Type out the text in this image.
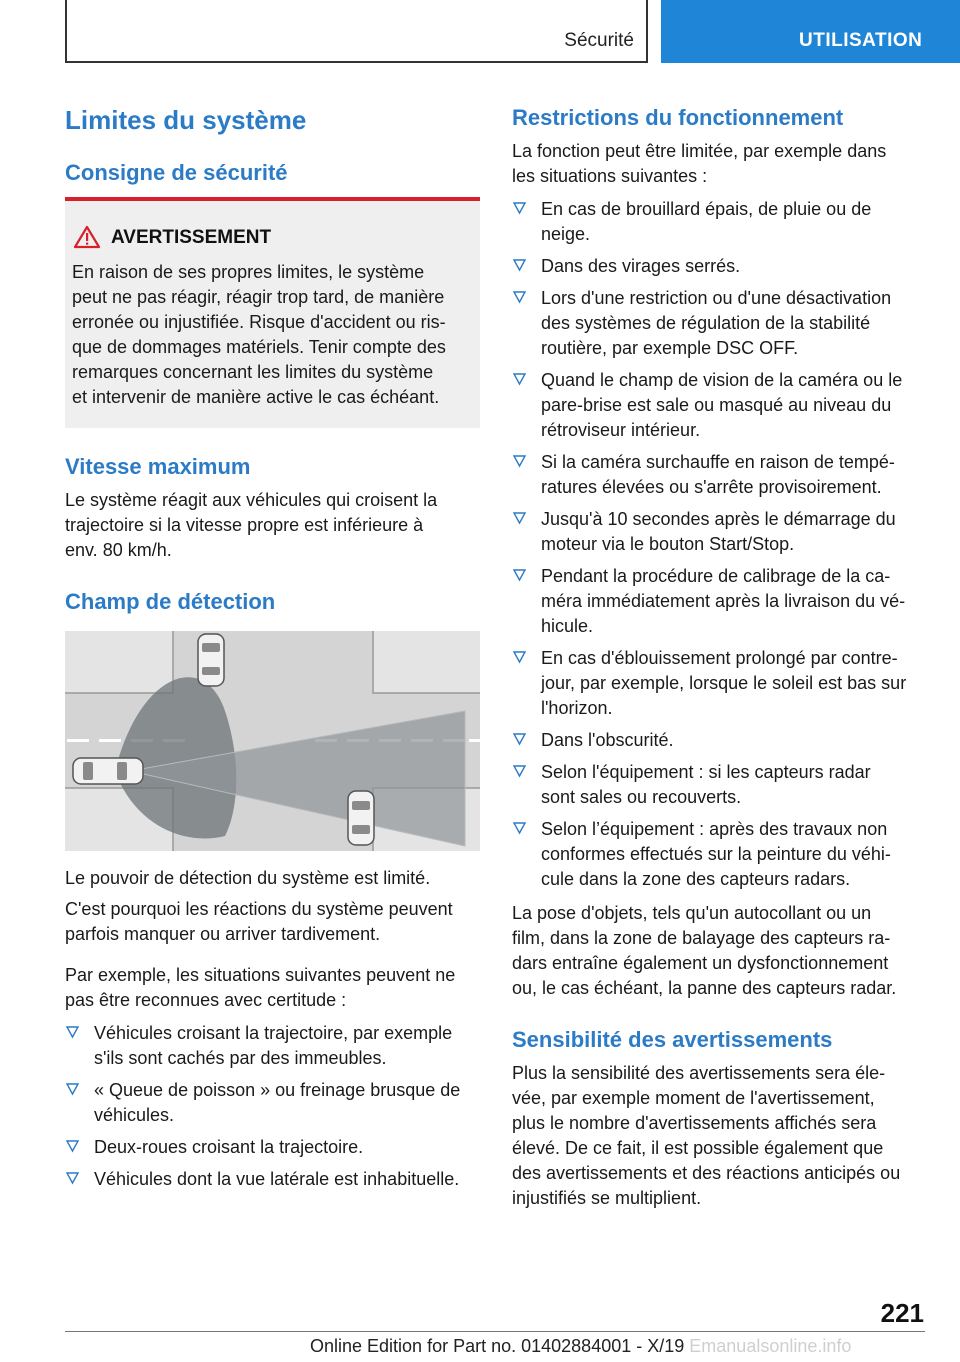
Sécurité	UTILISATION
Limites du système
Consigne de sécurité
AVERTISSEMENT
En raison de ses propres limites, le système
peut ne pas réagir, réagir trop tard, de manière
erronée ou injustifiée. Risque d'accident ou ris-
que de dommages matériels. Tenir compte des
remarques concernant les limites du système
et intervenir de manière active le cas échéant.
Vitesse maximum
Le système réagit aux véhicules qui croisent la
trajectoire si la vitesse propre est inférieure à
env. 80 km/h.
Champ de détection
Le pouvoir de détection du système est limité.
C'est pourquoi les réactions du système peuvent
parfois manquer ou arriver tardivement.
Par exemple, les situations suivantes peuvent ne
pas être reconnues avec certitude :
Véhicules croisant la trajectoire, par exemple
s'ils sont cachés par des immeubles.
« Queue de poisson » ou freinage brusque de
véhicules.
Deux-roues croisant la trajectoire.
Véhicules dont la vue latérale est inhabituelle.
Restrictions du fonctionnement
La fonction peut être limitée, par exemple dans
les situations suivantes :
En cas de brouillard épais, de pluie ou de
neige.
Dans des virages serrés.
Lors d'une restriction ou d'une désactivation
des systèmes de régulation de la stabilité
routière, par exemple DSC OFF.
Quand le champ de vision de la caméra ou le
pare-brise est sale ou masqué au niveau du
rétroviseur intérieur.
Si la caméra surchauffe en raison de tempé-
ratures élevées ou s'arrête provisoirement.
Jusqu'à 10 secondes après le démarrage du
moteur via le bouton Start/Stop.
Pendant la procédure de calibrage de la ca-
méra immédiatement après la livraison du vé-
hicule.
En cas d'éblouissement prolongé par contre-
jour, par exemple, lorsque le soleil est bas sur
l'horizon.
Dans l'obscurité.
Selon l'équipement : si les capteurs radar
sont sales ou recouverts.
Selon l’équipement : après des travaux non
conformes effectués sur la peinture du véhi-
cule dans la zone des capteurs radars.
La pose d'objets, tels qu'un autocollant ou un
film, dans la zone de balayage des capteurs ra-
dars entraîne également un dysfonctionnement
ou, le cas échéant, la panne des capteurs radar.
Sensibilité des avertissements
Plus la sensibilité des avertissements sera éle-
vée, par exemple moment de l'avertissement,
plus le nombre d'avertissements affichés sera
élevé. De ce fait, il est possible également que
des avertissements et des réactions anticipés ou
injustifiés se multiplient.
221
Online Edition for Part no. 01402884001 - X/19 Emanualsonline.info
